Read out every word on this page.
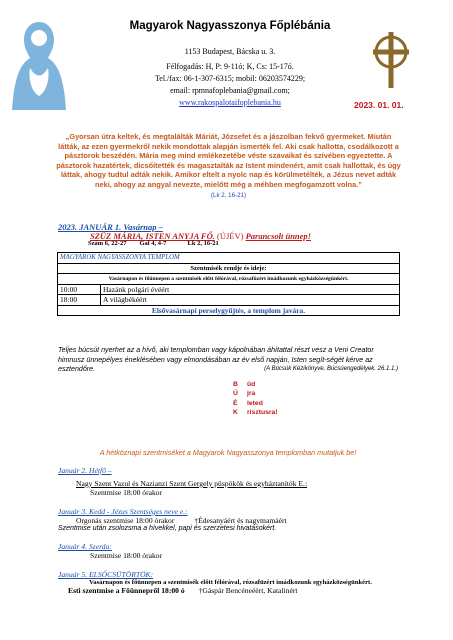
Magyarok Nagyasszonya Főplébánia
1153 Budapest, Bácska u. 3.
Félfogadás: H, P: 9-11ó; K, Cs: 15-17ó.
Tel./fax: 06-1-307-6315; mobil: 06203574229;
email: rpmnafoplebania@gmail.com;
www.rakospalotaifoplebania.hu	2023. 01. 01.
„Gyorsan útra keltek, és megtalálták Máriát, Józsefet és a jászolban fekvő gyermeket. Miután látták, az ezen gyermekről nekik mondottak alapján ismerték fel. Aki csak hallotta, csodálkozott a pásztorok beszédén. Mária meg mind emlékezetébe véste szavaikat és szívében egyeztette. A pásztorok hazatértek, dicsőítették és magasztalták az Istent mindenért, amit csak hallottak, és úgy láttak, ahogy tudtul adták nekik. Amikor eltelt a nyolc nap és körülmetélték, a Jézus nevet adták neki, ahogy az angyal nevezte, mielőtt még a méhben megfogamzott volna.”
(Lk 2, 16-21)
2023. JANUÁR 1. Vasárnap –
SZŰZ MÁRIA, ISTEN ANYJA FŐ. (ÚJÉV) Parancsolt ünnep!
Szám 6, 22-27 Gal 4, 4-7	Lk 2, 16-21
MAGYAROK NAGYASSZONYA TEMPLOM	
Szentmisék rendje és ideje:	
Vasárnapon és főünnepen a szentmisék előtt félórával, rózsafüzért imádkozunk egyházközségünkért.	
10:00	Hazánk polgári évéért
18:00	A világbékéért
Elsővasárnapi perselygyűjtés, a templom javára.	
Teljes búcsút nyerhet az a hívő, aki templomban vagy kápolnában áhítattal részt vesz a Veni Creator himnusz ünnepélyes éneklésében vagy elmondásában az év első napján, Isten segít-ségét kérve az esztendőre.	(A Búcsúk Kézikönyve, Búcsúengedélyek. 26.1.1.)
B üd
Ú jra
É leted
K risztusra!
A hétköznapi szentmiséket a Magyarok Nagyasszonya templomban mutatjuk be!
Január 2. Hétfő –
Nagy Szent Vazul és Nazianzi Szent Gergely püspökök és egyháztanítók E.:
Szentmise 18:00 órakor
Január 3. Kedd - Jézus Szentséges neve e.:
Orgonás szentmise 18:00 órakor	†Édesanyáért és nagymamáért
Szentmise után zsolozsma a hívekkel, papi és szerzetesi hivatásokért.
Január 4. Szerda:
Szentmise 18:00 órakor
Január 5. ELSŐCSÜTÖRTÖK:
Vasárnapon és főünnepen a szentmisék előtt félórával, rózsafüzért imádkozunk egyházközségünkért.
Esti szentmise a Főünnepről 18:00 ó †Gáspár Bencéneéért, Katalinért
